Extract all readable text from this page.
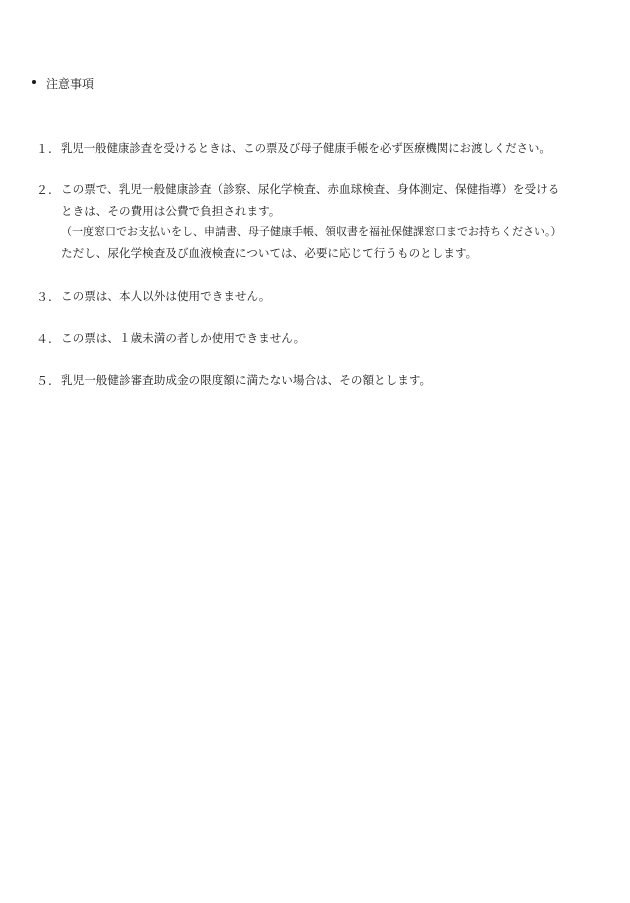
注意事項
１. 乳児一般健康診査を受けるときは、この票及び母子健康手帳を必ず医療機関にお渡しください。
２. この票で、乳児一般健康診査（診察、尿化学検査、赤血球検査、身体測定、保健指導）を受ける
ときは、その費用は公費で負担されます。
（一度窓口でお支払いをし、申請書、母子健康手帳、領収書を福祉保健課窓口までお持ちください。）
ただし、尿化学検査及び血液検査については、必要に応じて行うものとします。
３. この票は、本人以外は使用できません。
４. この票は、１歳未満の者しか使用できません。
５. 乳児一般健診審査助成金の限度額に満たない場合は、その額とします。
